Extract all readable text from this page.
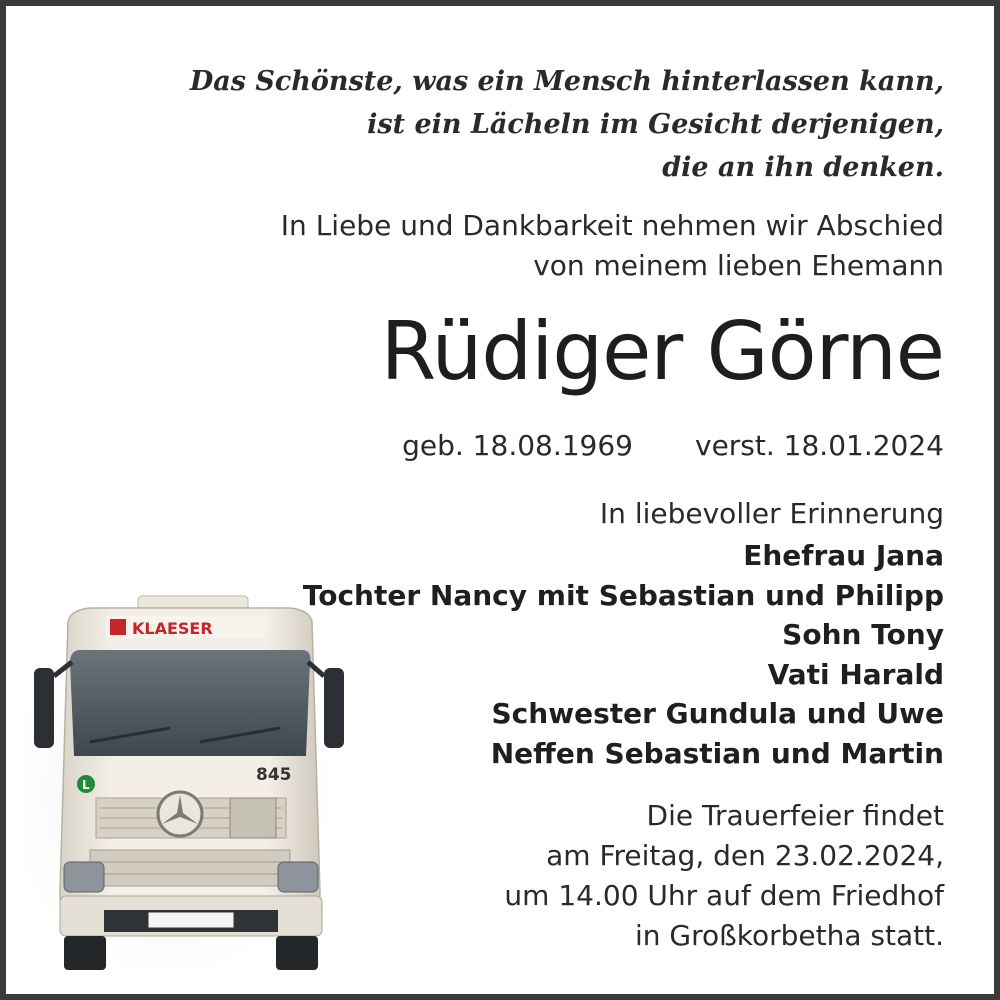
Das Schönste, was ein Mensch hinterlassen kann,
ist ein Lächeln im Gesicht derjenigen,
die an ihn denken.
In Liebe und Dankbarkeit nehmen wir Abschied
von meinem lieben Ehemann
Rüdiger Görne
geb. 18.08.1969 verst. 18.01.2024
In liebevoller Erinnerung
Ehefrau Jana
Tochter Nancy mit Sebastian und Philipp
Sohn Tony
Vati Harald
Schwester Gundula und Uwe
Neffen Sebastian und Martin
Die Trauerfeier findet
am Freitag, den 23.02.2024,
um 14.00 Uhr auf dem Friedhof
in Großkorbetha statt.
KLAESER
845
L
